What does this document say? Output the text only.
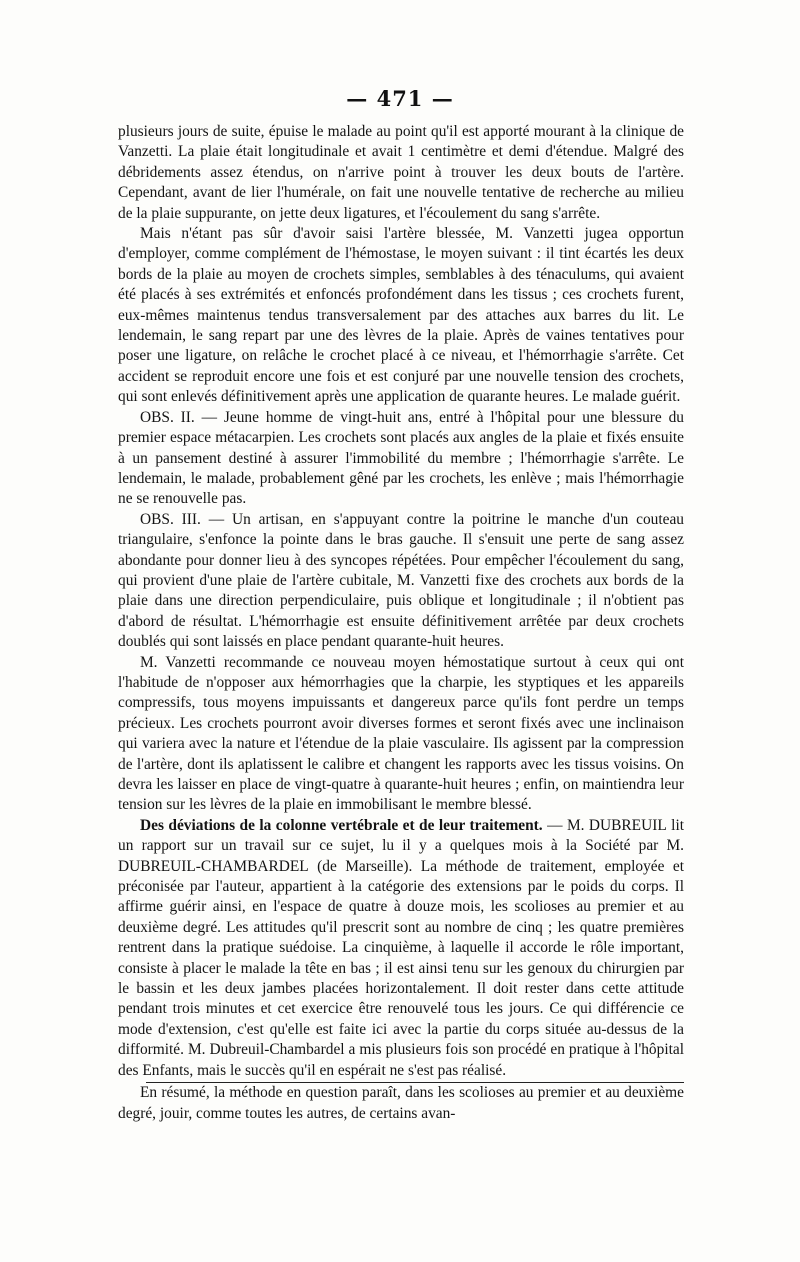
— 471 —

plusieurs jours de suite, épuise le malade au point qu'il est apporté mourant à la clinique de Vanzetti. La plaie était longitudinale et avait 1 centimètre et demi d'étendue. Malgré des débridements assez étendus, on n'arrive point à trouver les deux bouts de l'artère. Cependant, avant de lier l'humérale, on fait une nouvelle tentative de recherche au milieu de la plaie suppurante, on jette deux ligatures, et l'écoulement du sang s'arrête.

Mais n'étant pas sûr d'avoir saisi l'artère blessée, M. Vanzetti jugea opportun d'employer, comme complément de l'hémostase, le moyen suivant : il tint écartés les deux bords de la plaie au moyen de crochets simples, semblables à des ténaculums, qui avaient été placés à ses extrémités et enfoncés profondément dans les tissus ; ces crochets furent, eux-mêmes maintenus tendus transversalement par des attaches aux barres du lit. Le lendemain, le sang repart par une des lèvres de la plaie. Après de vaines tentatives pour poser une ligature, on relâche le crochet placé à ce niveau, et l'hémorrhagie s'arrête. Cet accident se reproduit encore une fois et est conjuré par une nouvelle tension des crochets, qui sont enlevés définitivement après une application de quarante heures. Le malade guérit.

OBS. II. — Jeune homme de vingt-huit ans, entré à l'hôpital pour une blessure du premier espace métacarpien. Les crochets sont placés aux angles de la plaie et fixés ensuite à un pansement destiné à assurer l'immobilité du membre ; l'hémorrhagie s'arrête. Le lendemain, le malade, probablement gêné par les crochets, les enlève ; mais l'hémorrhagie ne se renouvelle pas.

OBS. III. — Un artisan, en s'appuyant contre la poitrine le manche d'un couteau triangulaire, s'enfonce la pointe dans le bras gauche. Il s'ensuit une perte de sang assez abondante pour donner lieu à des syncopes répétées. Pour empêcher l'écoulement du sang, qui provient d'une plaie de l'artère cubitale, M. Vanzetti fixe des crochets aux bords de la plaie dans une direction perpendiculaire, puis oblique et longitudinale ; il n'obtient pas d'abord de résultat. L'hémorrhagie est ensuite définitivement arrêtée par deux crochets doublés qui sont laissés en place pendant quarante-huit heures.

M. Vanzetti recommande ce nouveau moyen hémostatique surtout à ceux qui ont l'habitude de n'opposer aux hémorrhagies que la charpie, les styptiques et les appareils compressifs, tous moyens impuissants et dangereux parce qu'ils font perdre un temps précieux. Les crochets pourront avoir diverses formes et seront fixés avec une inclinaison qui variera avec la nature et l'étendue de la plaie vasculaire. Ils agissent par la compression de l'artère, dont ils aplatissent le calibre et changent les rapports avec les tissus voisins. On devra les laisser en place de vingt-quatre à quarante-huit heures ; enfin, on maintiendra leur tension sur les lèvres de la plaie en immobilisant le membre blessé.

Des déviations de la colonne vertébrale et de leur traitement. — M. DUBREUIL lit un rapport sur un travail sur ce sujet, lu il y a quelques mois à la Société par M. DUBREUIL-CHAMBARDEL (de Marseille). La méthode de traitement, employée et préconisée par l'auteur, appartient à la catégorie des extensions par le poids du corps. Il affirme guérir ainsi, en l'espace de quatre à douze mois, les scolioses au premier et au deuxième degré. Les attitudes qu'il prescrit sont au nombre de cinq ; les quatre premières rentrent dans la pratique suédoise. La cinquième, à laquelle il accorde le rôle important, consiste à placer le malade la tête en bas ; il est ainsi tenu sur les genoux du chirurgien par le bassin et les deux jambes placées horizontalement. Il doit rester dans cette attitude pendant trois minutes et cet exercice être renouvelé tous les jours. Ce qui différencie ce mode d'extension, c'est qu'elle est faite ici avec la partie du corps située au-dessus de la difformité. M. Dubreuil-Chambardel a mis plusieurs fois son procédé en pratique à l'hôpital des Enfants, mais le succès qu'il en espérait ne s'est pas réalisé.

En résumé, la méthode en question paraît, dans les scolioses au premier et au deuxième degré, jouir, comme toutes les autres, de certains avan-
